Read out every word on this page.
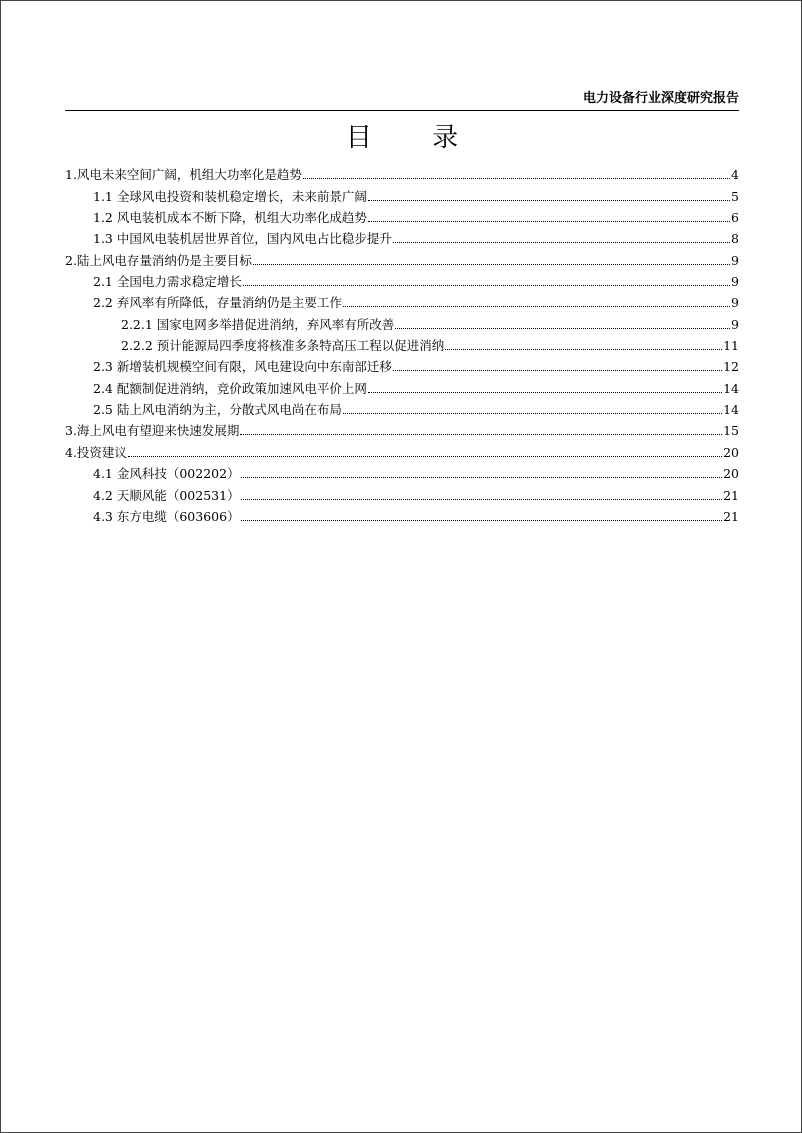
电力设备行业深度研究报告
目 录
1.风电未来空间广阔，机组大功率化是趋势	4
1.1 全球风电投资和装机稳定增长，未来前景广阔	5
1.2 风电装机成本不断下降，机组大功率化成趋势	6
1.3 中国风电装机居世界首位，国内风电占比稳步提升	8
2.陆上风电存量消纳仍是主要目标	9
2.1 全国电力需求稳定增长	9
2.2 弃风率有所降低，存量消纳仍是主要工作	9
2.2.1 国家电网多举措促进消纳，弃风率有所改善	9
2.2.2 预计能源局四季度将核准多条特高压工程以促进消纳	11
2.3 新增装机规模空间有限，风电建设向中东南部迁移	12
2.4 配额制促进消纳，竞价政策加速风电平价上网	14
2.5 陆上风电消纳为主，分散式风电尚在布局	14
3.海上风电有望迎来快速发展期	15
4.投资建议	20
4.1 金风科技（002202）	20
4.2 天顺风能（002531）	21
4.3 东方电缆（603606）	21
